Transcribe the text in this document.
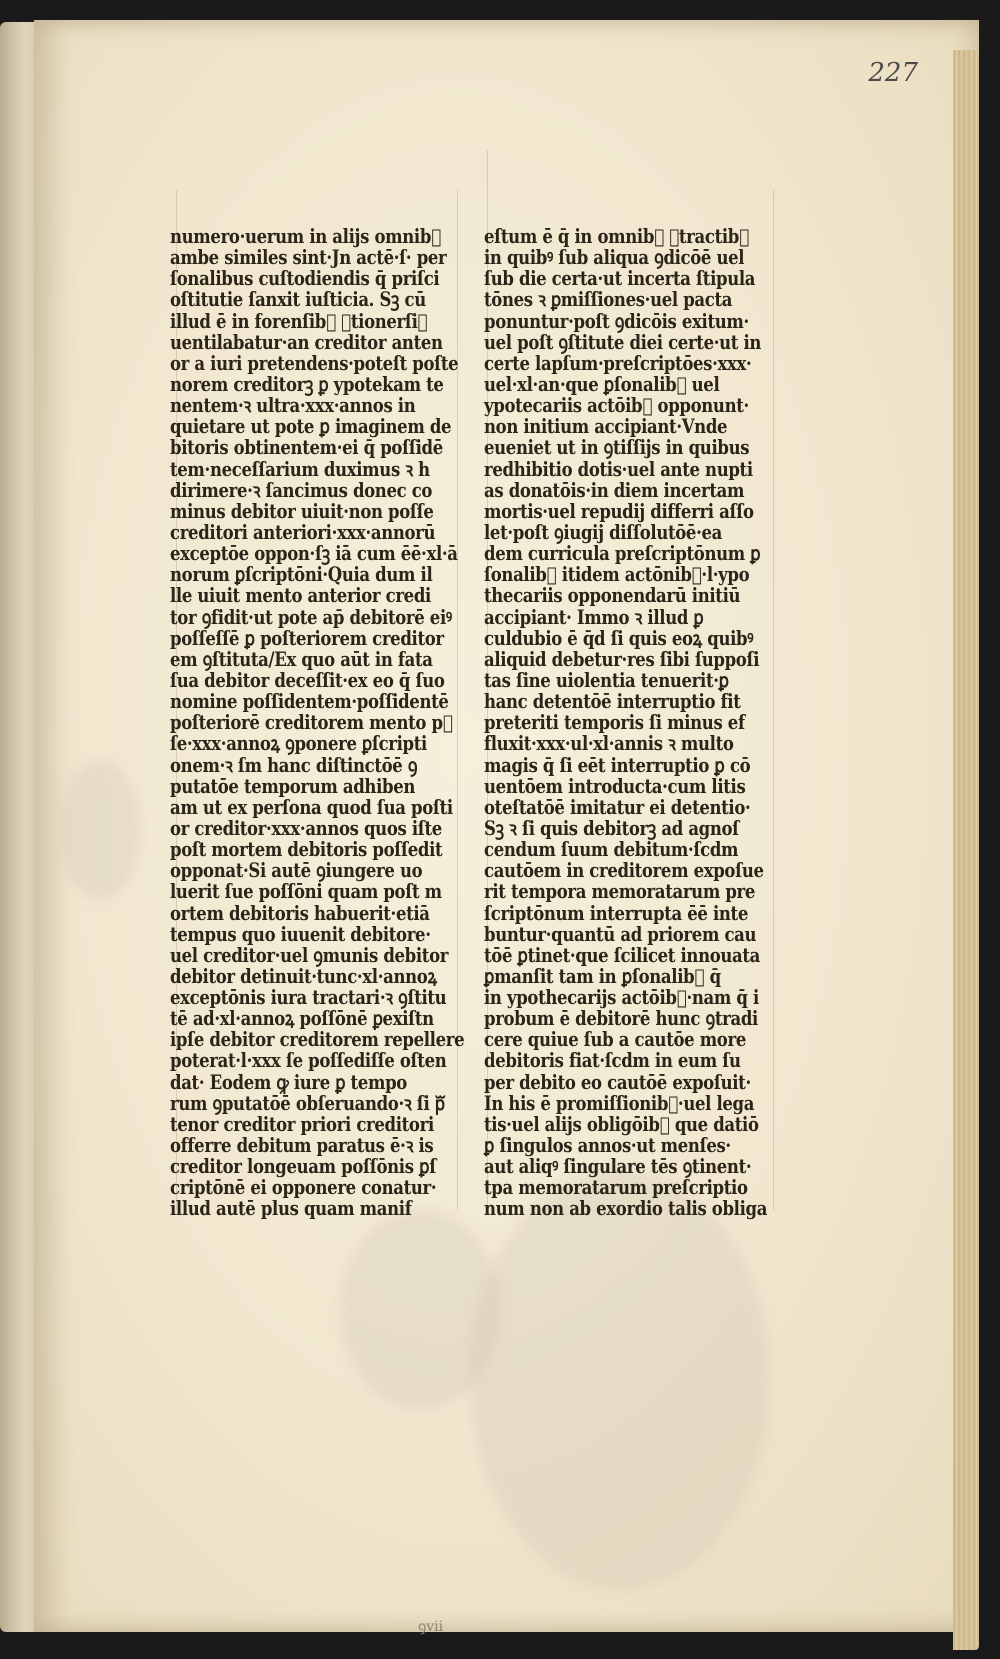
227
numero·uerum in alijs omnib᷒
ambe similes sint·Jn actē·ſ· per
ſonalibus cuſtodiendis q̄ priſci
oſtitutie ſanxit iuſticia. Sꝫ cū
illud ē in forenſib᷒ ꝯtionerſiꝰ
uentilabatur·an creditor anten
or a iuri pretendens·poteſt poſte
norem creditorꝫ ꝑ ypotekam te
nentem·ꝛ ultra·xxx·annos in
quietare ut pote ꝑ imaginem de
bitoris obtinentem·ei q̄ poſſidē
tem·neceſſarium duximus ꝛ h
dirimere·ꝛ ſancimus donec co
minus debitor uiuit·non poſſe
creditori anteriori·xxx·annorū
exceptōe oppon·ſꝫ iā cum ēē·xl·ā
norum ꝑſcriptōni·Quia dum il
lle uiuit mento anterior credi
tor ꝯfidit·ut pote ap̄ debitorē eiꝰ
poſſeſſē ꝑ poſteriorem creditor
em ꝯſtituta/Ex quo aūt in fata
ſua debitor deceſſit·ex eo q̄ ſuo
nomine poſſidentem·poſſidentē
poſteriorē creditorem mento pᷓ
ſe·xxx·annoꝝ ꝯponere ꝑſcripti
onem·ꝛ ſm hanc diſtinctōē ꝯ
putatōe temporum adhiben
am ut ex perſona quod ſua poſti
or creditor·xxx·annos quos iſte
poſt mortem debitoris poſſedit
opponat·Si autē ꝯiungere uo
luerit ſue poſſōni quam poſt m
ortem debitoris habuerit·etiā
tempus quo iuuenit debitore·
uel creditor·uel ꝯmunis debitor
debitor detinuit·tunc·xl·annoꝝ
exceptōnis iura tractari·ꝛ ꝯſtitu
tē ad·xl·annoꝝ poſſōnē ꝑexiſtn
ipſe debitor creditorem repellere
poterat·l·xxx ſe poſſediſſe oſten
dat· Eodem ꝙ iure ꝑ tempo
rum ꝯputatōē obſeruando·ꝛ ſi pᷓ
tenor creditor priori creditori
offerre debitum paratus ē·ꝛ is
creditor longeuam poſſōnis ꝑſ
criptōnē ei opponere conatur·
illud autē plus quam manif
eſtum ē q̄ in omnib᷒ ꝯtractib᷒
in quibꝰ ſub aliqua ꝯdicōē uel
ſub die certa·ut incerta ſtipula
tōnes ꝛ ꝑmiſſiones·uel pacta
ponuntur·poſt ꝯdicōis exitum·
uel poſt ꝯſtitute diei certe·ut in
certe lapſum·preſcriptōes·xxx·
uel·xl·an·que ꝑſonalib᷒ uel
ypotecariis actōib᷒ opponunt·
non initium accipiant·Vnde
eueniet ut in ꝯtiſſijs in quibus
redhibitio dotis·uel ante nupti
as donatōis·in diem incertam
mortis·uel repudij differri aſſo
let·poſt ꝯiugij diſſolutōē·ea
dem curricula preſcriptōnum ꝑ
ſonalib᷒ itidem actōnib᷒·l·ypo
thecariis opponendarū initiū
accipiant· Immo ꝛ illud ꝑ
culdubio ē q̄d ſi quis eoꝝ quibꝰ
aliquid debetur·res ſibi ſuppoſi
tas ſine uiolentia tenuerit·ꝑ
hanc detentōē interruptio fit
preteriti temporis ſi minus ef
fluxit·xxx·ul·xl·annis ꝛ multo
magis q̄ ſi eēt interruptio ꝑ cō
uentōem introducta·cum litis
oteſtatōē imitatur ei detentio·
Sꝫ ꝛ ſi quis debitorꝫ ad agnoſ
cendum ſuum debitum·ſcdm
cautōem in creditorem expoſue
rit tempora memoratarum pre
ſcriptōnum interrupta ēē inte
buntur·quantū ad priorem cau
tōē ꝑtinet·que ſcilicet innouata
ꝑmanſit tam in ꝑſonalib᷒ q̄
in ypothecarijs actōib᷒·nam q̄ i
probum ē debitorē hunc ꝯtradi
cere quiue ſub a cautōe more
debitoris fiat·ſcdm in eum ſu
per debito eo cautōē expoſuit·
In his ē promiſſionib᷒·uel lega
tis·uel alijs obligōib᷒ que datiō
ꝑ ſingulos annos·ut menſes·
aut aliqꝰ ſingulare tēs ꝯtinent·
tpa memoratarum preſcriptio
num non ab exordio talis obliga
ꝯvii
